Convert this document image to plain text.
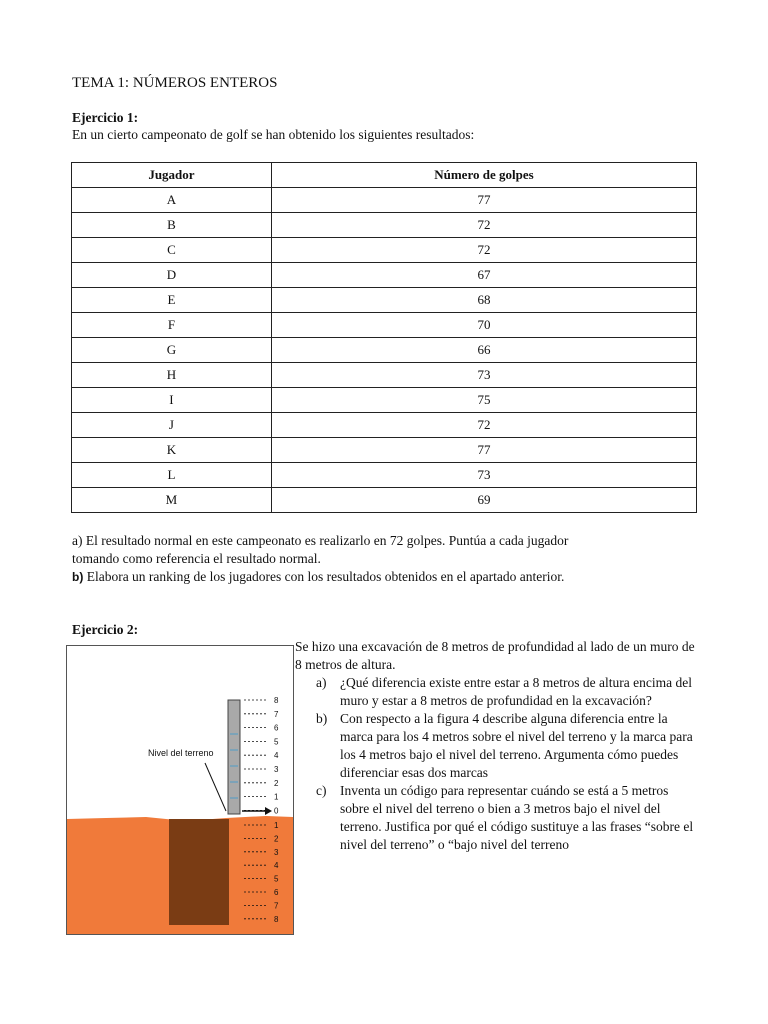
TEMA 1: NÚMEROS ENTEROS
Ejercicio 1:
En un cierto campeonato de golf se han obtenido los siguientes resultados:
Jugador	Número de golpes
A	77
B	72
C	72
D	67
E	68
F	70
G	66
H	73
I	75
J	72
K	77
L	73
M	69
a) El resultado normal en este campeonato es realizarlo en 72 golpes. Puntúa a cada jugador tomando como referencia el resultado normal.
b) Elabora un ranking de los jugadores con los resultados obtenidos en el apartado anterior.
Ejercicio 2:
Se hizo una excavación de 8 metros de profundidad al lado de un muro de 8 metros de altura.
a) ¿Qué diferencia existe entre estar a 8 metros de altura encima del muro y estar a 8 metros de profundidad en la excavación?
b) Con respecto a la figura 4 describe alguna diferencia entre la marca para los 4 metros sobre el nivel del terreno y la marca para los 4 metros bajo el nivel del terreno. Argumenta cómo puedes diferenciar esas dos marcas
c) Inventa un código para representar cuándo se está a 5 metros sobre el nivel del terreno o bien a 3 metros bajo el nivel del terreno. Justifica por qué el código sustituye a las frases “sobre el nivel del terreno” o “bajo nivel del terreno
8
7
6
5
4
3
2
1
0
1
2
3
4
5
6
7
8
Nivel del terreno
